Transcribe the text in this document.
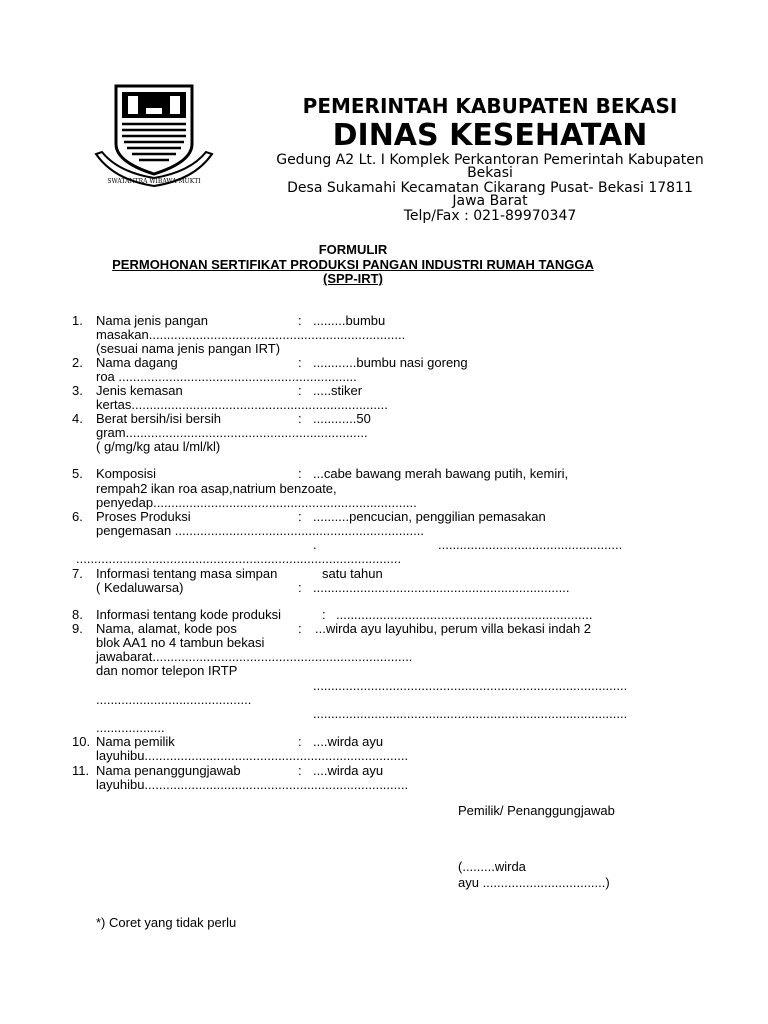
SWATANTRA WIBAWA MUKTI
PEMERINTAH KABUPATEN BEKASI
DINAS KESEHATAN
Gedung A2 Lt. I Komplek Perkantoran Pemerintah Kabupaten
Bekasi
Desa Sukamahi Kecamatan Cikarang Pusat- Bekasi 17811
Jawa Barat
Telp/Fax : 021-89970347
FORMULIR
PERMOHONAN SERTIFIKAT PRODUKSI PANGAN INDUSTRI RUMAH TANGGA
(SPP-IRT)
1. Nama jenis pangan	: .........bumbu
masakan.......................................................................
(sesuai nama jenis pangan IRT)
2. Nama dagang	: ............bumbu nasi goreng
roa ..................................................................
3. Jenis kemasan	: .....stiker
kertas.......................................................................
4. Berat bersih/isi bersih	: ............50
gram...................................................................
( g/mg/kg atau l/ml/kl)
5. Komposisi	: ...cabe bawang merah bawang putih, kemiri,
rempah2 ikan roa asap,natrium benzoate,
penyedap.........................................................................
6. Proses Produksi	: ..........pencucian, penggilian pemasakan
pengemasan .....................................................................
.	...................................................
..........................................................................................
7. Informasi tentang masa simpan	satu tahun
( Kedaluwarsa)	: .......................................................................
8. Informasi tentang kode produksi	: .......................................................................
9. Nama, alamat, kode pos	: ...wirda ayu layuhibu, perum villa bekasi indah 2
blok AA1 no 4 tambun bekasi
jawabarat........................................................................
dan nomor telepon IRTP
.......................................................................................
...........................................
.......................................................................................
...................
10. Nama pemilik	: ....wirda ayu
layuhibu.........................................................................
11. Nama penanggungjawab	: ....wirda ayu
layuhibu.........................................................................
Pemilik/ Penanggungjawab
(.........wirda
ayu ..................................)
*) Coret yang tidak perlu
